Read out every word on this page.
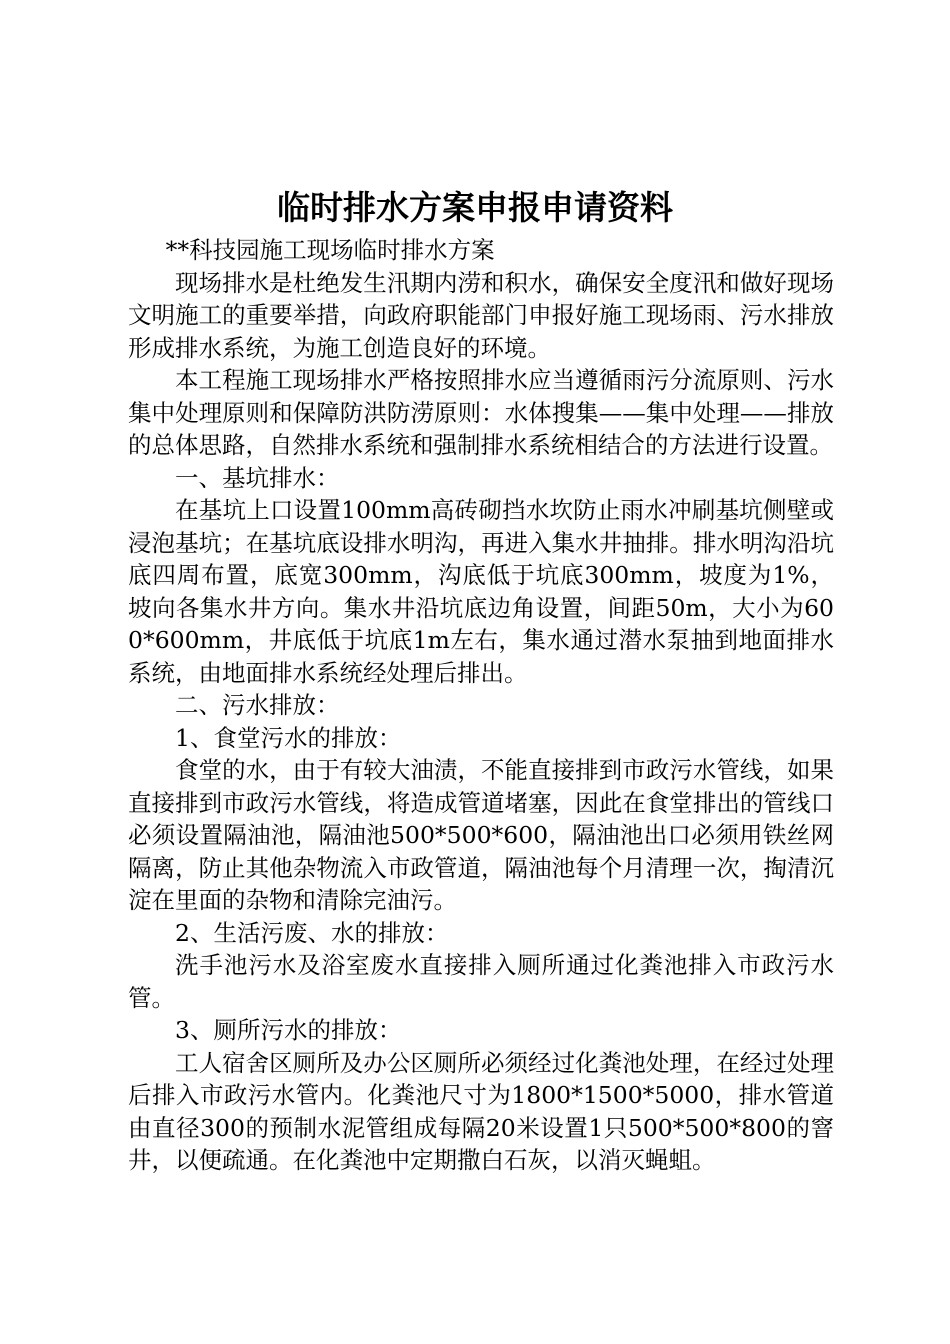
临时排水方案申报申请资料

**科技园施工现场临时排水方案

现场排水是杜绝发生汛期内涝和积水，确保安全度汛和做好现场文明施工的重要举措，向政府职能部门申报好施工现场雨、污水排放形成排水系统，为施工创造良好的环境。

本工程施工现场排水严格按照排水应当遵循雨污分流原则、污水集中处理原则和保障防洪防涝原则：水体搜集——集中处理——排放的总体思路，自然排水系统和强制排水系统相结合的方法进行设置。

一、基坑排水：

在基坑上口设置100mm高砖砌挡水坎防止雨水冲刷基坑侧壁或浸泡基坑；在基坑底设排水明沟，再进入集水井抽排。排水明沟沿坑底四周布置，底宽300mm，沟底低于坑底300mm，坡度为1%，坡向各集水井方向。集水井沿坑底边角设置，间距50m，大小为600*600mm，井底低于坑底1m左右，集水通过潜水泵抽到地面排水系统，由地面排水系统经处理后排出。

二、污水排放：

1、食堂污水的排放：

食堂的水，由于有较大油渍，不能直接排到市政污水管线，如果直接排到市政污水管线，将造成管道堵塞，因此在食堂排出的管线口必须设置隔油池，隔油池500*500*600，隔油池出口必须用铁丝网隔离，防止其他杂物流入市政管道，隔油池每个月清理一次，掏清沉淀在里面的杂物和清除完油污。

2、生活污废、水的排放：

洗手池污水及浴室废水直接排入厕所通过化粪池排入市政污水管。

3、厕所污水的排放：

工人宿舍区厕所及办公区厕所必须经过化粪池处理，在经过处理后排入市政污水管内。化粪池尺寸为1800*1500*5000，排水管道由直径300的预制水泥管组成每隔20米设置1只500*500*800的窨井，以便疏通。在化粪池中定期撒白石灰，以消灭蝇蛆。
